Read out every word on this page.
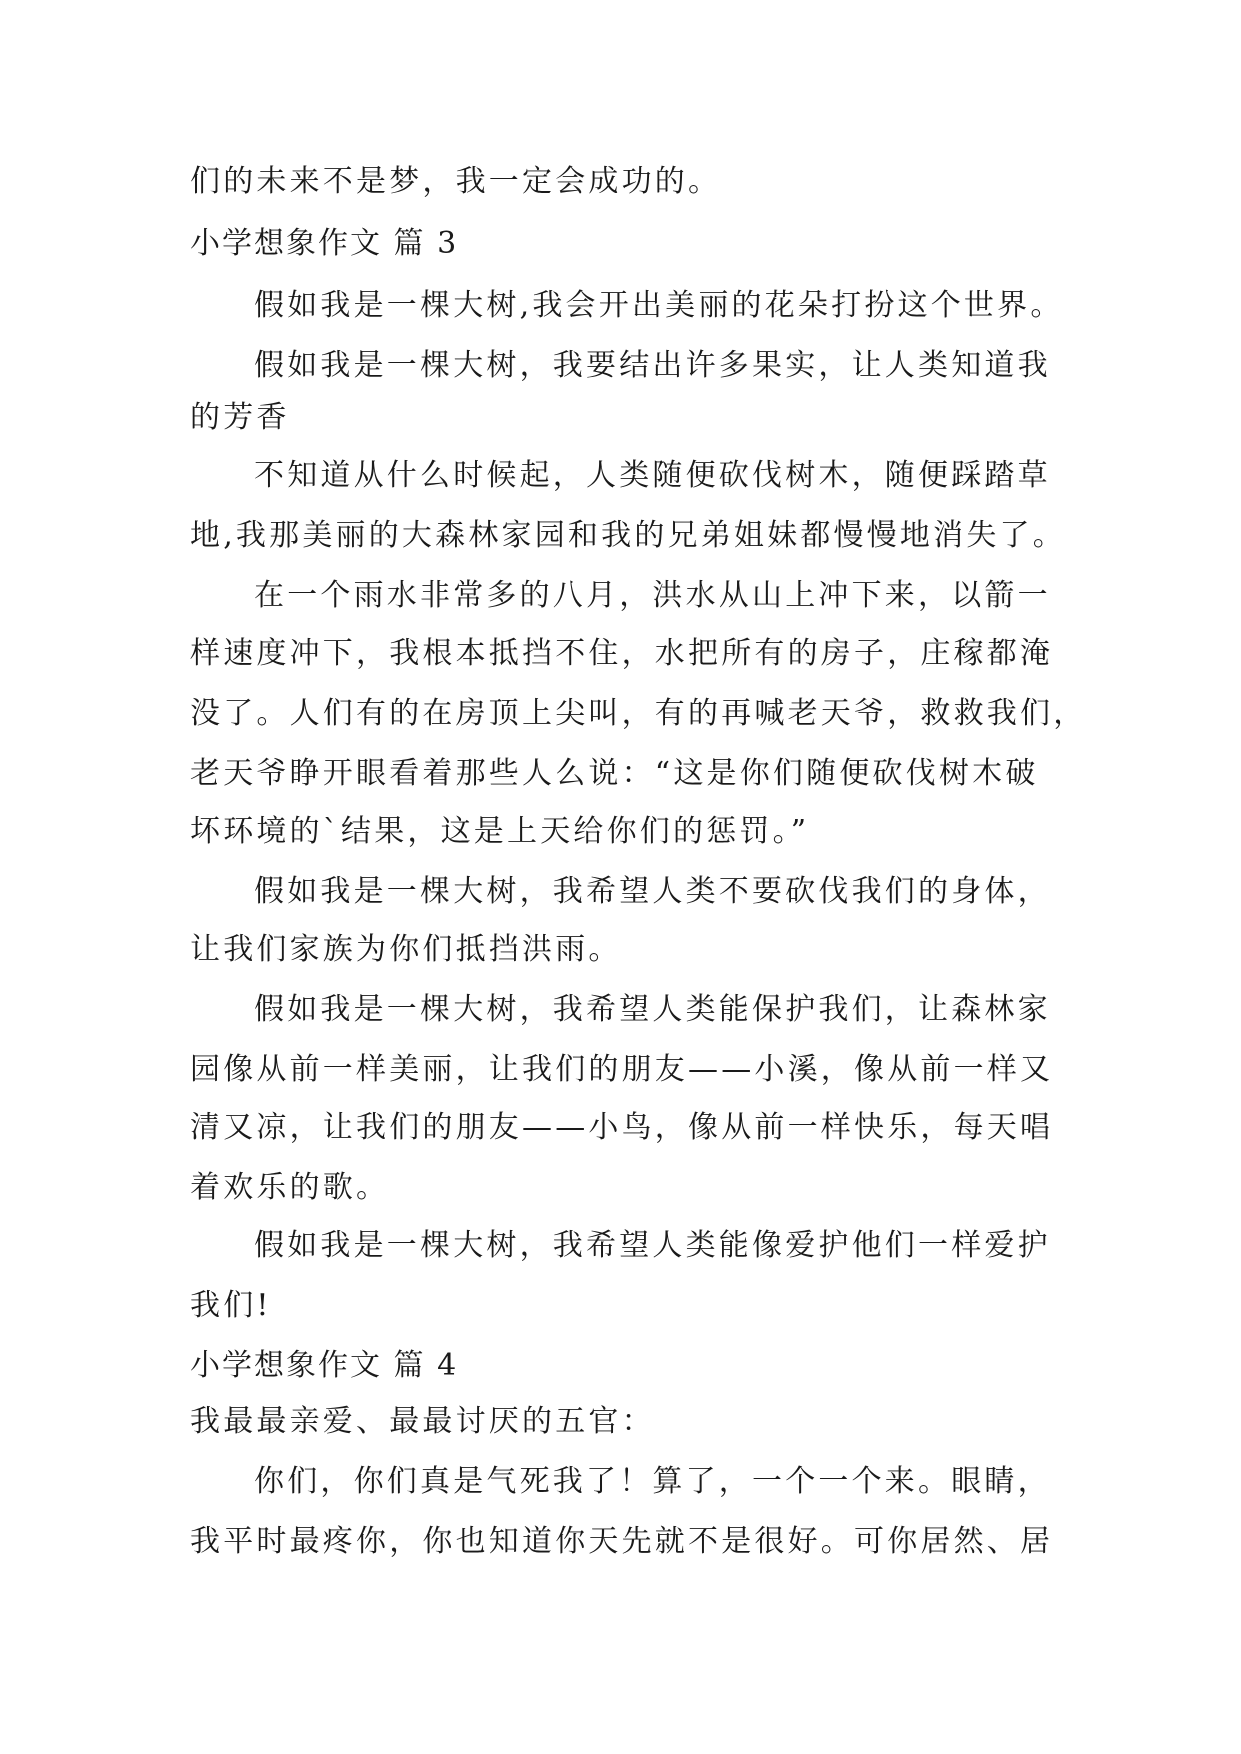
们的未来不是梦，我一定会成功的。
小学想象作文 篇 3
假如我是一棵大树,我会开出美丽的花朵打扮这个世界。
假如我是一棵大树，我要结出许多果实，让人类知道我
的芳香
不知道从什么时候起，人类随便砍伐树木，随便踩踏草
地,我那美丽的大森林家园和我的兄弟姐妹都慢慢地消失了。
在一个雨水非常多的八月，洪水从山上冲下来，以箭一
样速度冲下，我根本抵挡不住，水把所有的房子，庄稼都淹
没了。人们有的在房顶上尖叫，有的再喊老天爷，救救我们，
老天爷睁开眼看着那些人么说：“这是你们随便砍伐树木破
坏环境的`结果，这是上天给你们的惩罚。”
假如我是一棵大树，我希望人类不要砍伐我们的身体，
让我们家族为你们抵挡洪雨。
假如我是一棵大树，我希望人类能保护我们，让森林家
园像从前一样美丽，让我们的朋友——小溪，像从前一样又
清又凉，让我们的朋友——小鸟，像从前一样快乐，每天唱
着欢乐的歌。
假如我是一棵大树，我希望人类能像爱护他们一样爱护
我们!
小学想象作文 篇 4
我最最亲爱、最最讨厌的五官：
你们，你们真是气死我了！算了，一个一个来。眼睛，
我平时最疼你，你也知道你天先就不是很好。可你居然、居
